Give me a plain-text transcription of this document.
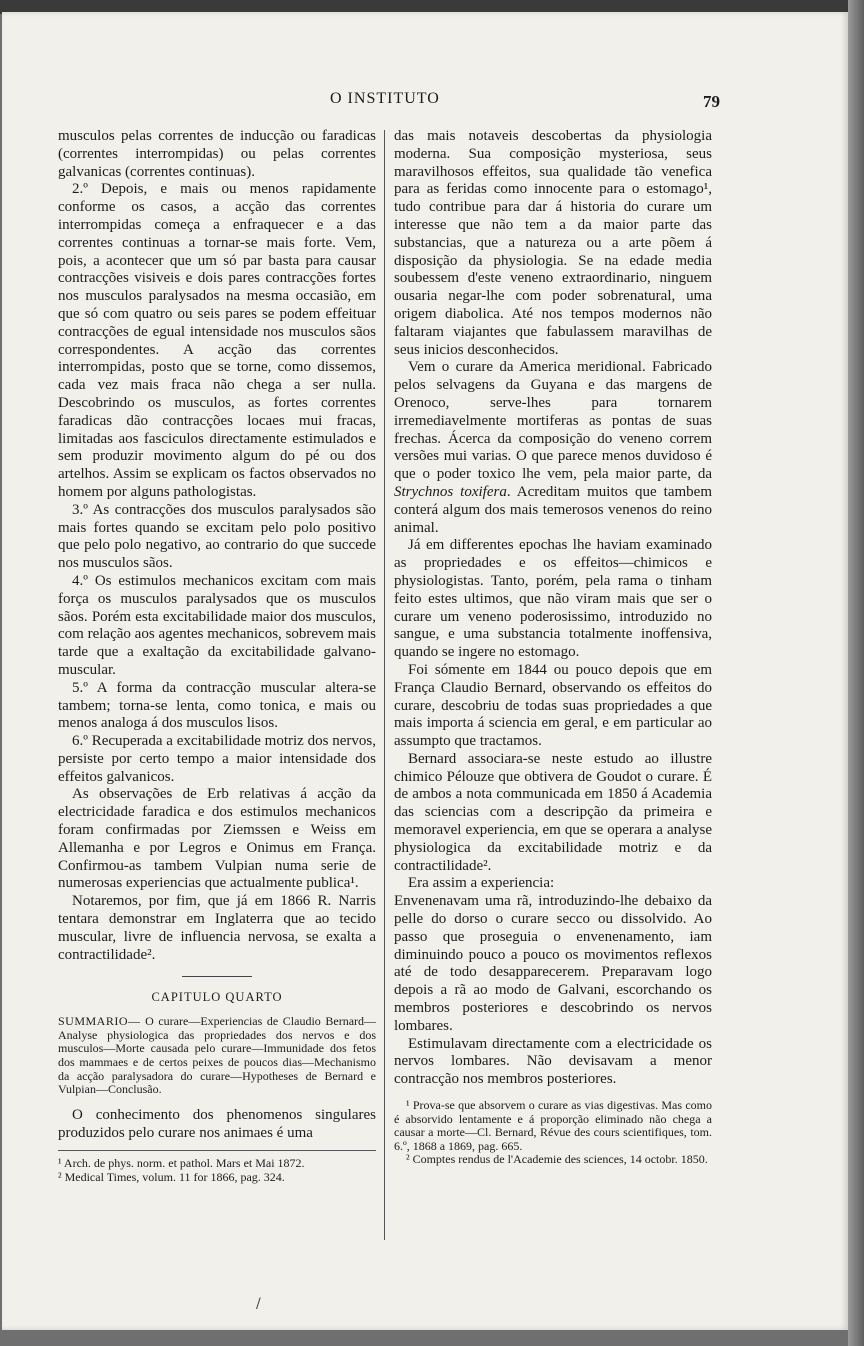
O INSTITUTO	79

musculos pelas correntes de inducção ou faradicas (correntes interrompidas) ou pelas correntes galvanicas (correntes continuas).

2.º Depois, e mais ou menos rapidamente conforme os casos, a acção das correntes interrompidas começa a enfraquecer e a das correntes continuas a tornar-se mais forte. Vem, pois, a acontecer que um só par basta para causar contracções visiveis e dois pares contracções fortes nos musculos paralysados na mesma occasião, em que só com quatro ou seis pares se podem effeituar contracções de egual intensidade nos musculos sãos correspondentes. A acção das correntes interrompidas, posto que se torne, como dissemos, cada vez mais fraca não chega a ser nulla. Descobrindo os musculos, as fortes correntes faradicas dão contracções locaes mui fracas, limitadas aos fasciculos directamente estimulados e sem produzir movimento algum do pé ou dos artelhos. Assim se explicam os factos observados no homem por alguns pathologistas.

3.º As contracções dos musculos paralysados são mais fortes quando se excitam pelo polo positivo que pelo polo negativo, ao contrario do que succede nos musculos sãos.

4.º Os estimulos mechanicos excitam com mais força os musculos paralysados que os musculos sãos. Porém esta excitabilidade maior dos musculos, com relação aos agentes mechanicos, sobrevem mais tarde que a exaltação da excitabilidade galvano-muscular.

5.º A forma da contracção muscular altera-se tambem; torna-se lenta, como tonica, e mais ou menos analoga á dos musculos lisos.

6.º Recuperada a excitabilidade motriz dos nervos, persiste por certo tempo a maior intensidade dos effeitos galvanicos.

As observações de Erb relativas á acção da electricidade faradica e dos estimulos mechanicos foram confirmadas por Ziemssen e Weiss em Allemanha e por Legros e Onimus em França. Confirmou-as tambem Vulpian numa serie de numerosas experiencias que actualmente publica¹.

Notaremos, por fim, que já em 1866 R. Narris tentara demonstrar em Inglaterra que ao tecido muscular, livre de influencia nervosa, se exalta a contractilidade².

CAPITULO QUARTO

SUMMARIO— O curare—Experiencias de Claudio Bernard—Analyse physiologica das propriedades dos nervos e dos musculos—Morte causada pelo curare—Immunidade dos fetos dos mammaes e de certos peixes de poucos dias—Mechanismo da acção paralysadora do curare—Hypotheses de Bernard e Vulpian—Conclusão.

O conhecimento dos phenomenos singulares produzidos pelo curare nos animaes é uma

¹ Arch. de phys. norm. et pathol. Mars et Mai 1872.

² Medical Times, volum. 11 for 1866, pag. 324.

das mais notaveis descobertas da physiologia moderna. Sua composição mysteriosa, seus maravilhosos effeitos, sua qualidade tão venefica para as feridas como innocente para o estomago¹, tudo contribue para dar á historia do curare um interesse que não tem a da maior parte das substancias, que a natureza ou a arte põem á disposição da physiologia. Se na edade media soubessem d'este veneno extraordinario, ninguem ousaria negar-lhe com poder sobrenatural, uma origem diabolica. Até nos tempos modernos não faltaram viajantes que fabulassem maravilhas de seus inicios desconhecidos.

Vem o curare da America meridional. Fabricado pelos selvagens da Guyana e das margens de Orenoco, serve-lhes para tornarem irremediavelmente mortiferas as pontas de suas frechas. Ácerca da composição do veneno correm versões mui varias. O que parece menos duvidoso é que o poder toxico lhe vem, pela maior parte, da Strychnos toxifera. Acreditam muitos que tambem conterá algum dos mais temerosos venenos do reino animal.

Já em differentes epochas lhe haviam examinado as propriedades e os effeitos—chimicos e physiologistas. Tanto, porém, pela rama o tinham feito estes ultimos, que não viram mais que ser o curare um veneno poderosissimo, introduzido no sangue, e uma substancia totalmente inoffensiva, quando se ingere no estomago.

Foi sómente em 1844 ou pouco depois que em França Claudio Bernard, observando os effeitos do curare, descobriu de todas suas propriedades a que mais importa á sciencia em geral, e em particular ao assumpto que tractamos.

Bernard associara-se neste estudo ao illustre chimico Pélouze que obtivera de Goudot o curare. É de ambos a nota communicada em 1850 á Academia das sciencias com a descripção da primeira e memoravel experiencia, em que se operara a analyse physiologica da excitabilidade motriz e da contractilidade².

Era assim a experiencia:

Envenenavam uma rã, introduzindo-lhe debaixo da pelle do dorso o curare secco ou dissolvido. Ao passo que proseguia o envenenamento, iam diminuindo pouco a pouco os movimentos reflexos até de todo desapparecerem. Preparavam logo depois a rã ao modo de Galvani, escorchando os membros posteriores e descobrindo os nervos lombares.

Estimulavam directamente com a electricidade os nervos lombares. Não devisavam a menor contracção nos membros posteriores.

¹ Prova-se que absorvem o curare as vias digestivas. Mas como é absorvido lentamente e á proporção eliminado não chega a causar a morte—Cl. Bernard, Révue des cours scientifiques, tom. 6.º, 1868 a 1869, pag. 665.

² Comptes rendus de l'Academie des sciences, 14 octobr. 1850.

/
